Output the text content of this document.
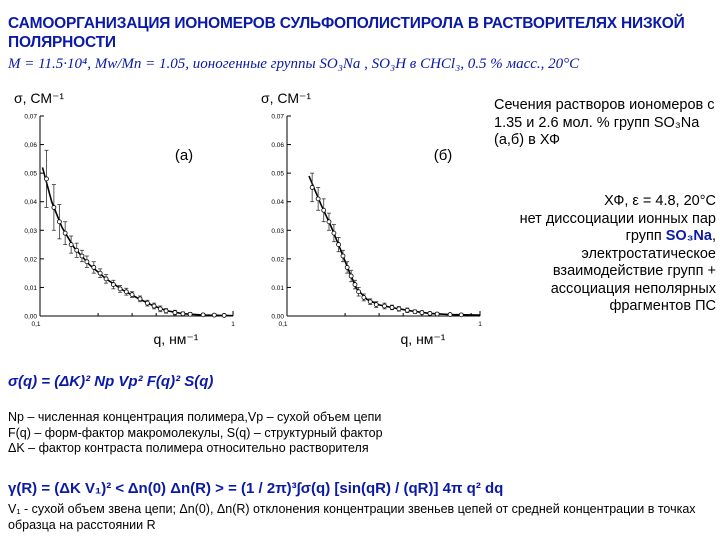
САМООРГАНИЗАЦИЯ ИОНОМЕРОВ СУЛЬФОПОЛИСТИРОЛА В РАСТВОРИТЕЛЯХ НИЗКОЙ ПОЛЯРНОСТИ
M = 11.5·10⁴, Mw/Mn = 1.05, ионогенные группы SO₃Na , SO₃H в CHCl₃, 0.5 % масс., 20°C
0,07
0,06
0,05
0,04
0,03
0,02
0,01
0,00
0,1	1
σ, СМ⁻¹
q, нм⁻¹
(а)
0.07
0.06
0.05
0.04
0.03
0.02
0.01
0.00
0,1	1
σ, СМ⁻¹
q, нм⁻¹
(б)
Сечения растворов иономеров с 1.35 и 2.6 мол. % групп SO₃Na (а,б) в ХФ
ХФ, ε = 4.8, 20°С
нет диссоциации ионных пар групп SO₃Na,
электростатическое взаимодействие групп + ассоциация неполярных фрагментов ПС
σ(q) = (ΔK)² Np Vp² F(q)² S(q)
Np – численная концентрация полимера,Vp – сухой объем цепи
F(q) – форм-фактор макромолекулы, S(q) – структурный фактор
ΔK – фактор контраста полимера относительно растворителя
γ(R) = (ΔK V₁)² < Δn(0) Δn(R) > = (1 / 2π)³∫σ(q) [sin(qR) / (qR)] 4π q² dq
V₁ - сухой объем звена цепи; Δn(0), Δn(R) отклонения концентрации звеньев цепей от средней концентрации в точках образца на расстоянии R
